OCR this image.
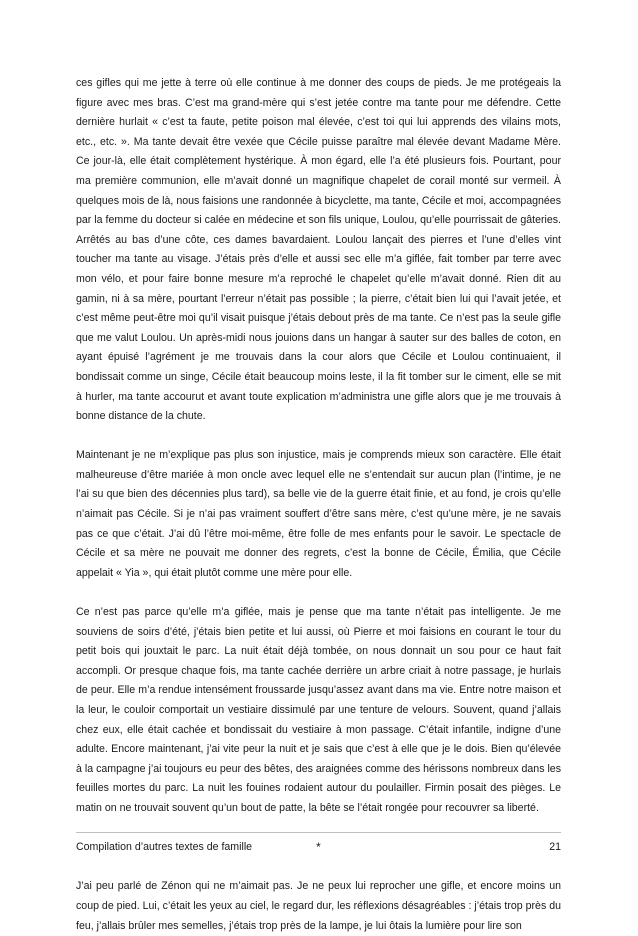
ces gifles qui me jette à terre où elle continue à me donner des coups de pieds. Je me protégeais la figure avec mes bras. C’est ma grand-mère qui s’est jetée contre ma tante pour me défendre. Cette dernière hurlait « c’est ta faute, petite poison mal élevée, c’est toi qui lui apprends des vilains mots, etc., etc. ». Ma tante devait être vexée que Cécile puisse paraître mal élevée devant Madame Mère. Ce jour-là, elle était complètement hystérique. À mon égard, elle l’a été plusieurs fois. Pourtant, pour ma première communion, elle m’avait donné un magnifique chapelet de corail monté sur vermeil. À quelques mois de là, nous faisions une randonnée à bicyclette, ma tante, Cécile et moi, accompagnées par la femme du docteur si calée en médecine et son fils unique, Loulou, qu’elle pourrissait de gâteries. Arrêtés au bas d’une côte, ces dames bavardaient. Loulou lançait des pierres et l’une d’elles vint toucher ma tante au visage. J’étais près d’elle et aussi sec elle m’a giflée, fait tomber par terre avec mon vélo, et pour faire bonne mesure m’a reproché le chapelet qu’elle m’avait donné. Rien dit au gamin, ni à sa mère, pourtant l’erreur n’était pas possible ; la pierre, c’était bien lui qui l’avait jetée, et c’est même peut-être moi qu’il visait puisque j’étais debout près de ma tante. Ce n’est pas la seule gifle que me valut Loulou. Un après-midi nous jouions dans un hangar à sauter sur des balles de coton, en ayant épuisé l’agrément je me trouvais dans la cour alors que Cécile et Loulou continuaient, il bondissait comme un singe, Cécile était beaucoup moins leste, il la fit tomber sur le ciment, elle se mit à hurler, ma tante accourut et avant toute explication m’administra une gifle alors que je me trouvais à bonne distance de la chute.

Maintenant je ne m’explique pas plus son injustice, mais je comprends mieux son caractère. Elle était malheureuse d’être mariée à mon oncle avec lequel elle ne s’entendait sur aucun plan (l’intime, je ne l’ai su que bien des décennies plus tard), sa belle vie de la guerre était finie, et au fond, je crois qu’elle n’aimait pas Cécile. Si je n’ai pas vraiment souffert d’être sans mère, c’est qu’une mère, je ne savais pas ce que c’était. J’ai dû l’être moi-même, être folle de mes enfants pour le savoir. Le spectacle de Cécile et sa mère ne pouvait me donner des regrets, c’est la bonne de Cécile, Émilia, que Cécile appelait « Yia », qui était plutôt comme une mère pour elle.

Ce n’est pas parce qu’elle m’a giflée, mais je pense que ma tante n’était pas intelligente. Je me souviens de soirs d’été, j’étais bien petite et lui aussi, où Pierre et moi faisions en courant le tour du petit bois qui jouxtait le parc. La nuit était déjà tombée, on nous donnait un sou pour ce haut fait accompli. Or presque chaque fois, ma tante cachée derrière un arbre criait à notre passage, je hurlais de peur. Elle m’a rendue intensément froussarde jusqu’assez avant dans ma vie. Entre notre maison et la leur, le couloir comportait un vestiaire dissimulé par une tenture de velours. Souvent, quand j’allais chez eux, elle était cachée et bondissait du vestiaire à mon passage. C’était infantile, indigne d’une adulte. Encore maintenant, j’ai vite peur la nuit et je sais que c’est à elle que je le dois. Bien qu’élevée à la campagne j’ai toujours eu peur des bêtes, des araignées comme des hérissons nombreux dans les feuilles mortes du parc. La nuit les fouines rodaient autour du poulailler. Firmin posait des pièges. Le matin on ne trouvait souvent qu’un bout de patte, la bête se l’était rongée pour recouvrer sa liberté.

*

J’ai peu parlé de Zénon qui ne m’aimait pas. Je ne peux lui reprocher une gifle, et encore moins un coup de pied. Lui, c’était les yeux au ciel, le regard dur, les réflexions désagréables : j’étais trop près du feu, j’allais brûler mes semelles, j’étais trop près de la lampe, je lui ôtais la lumière pour lire son

Compilation d’autres textes de famille	21
